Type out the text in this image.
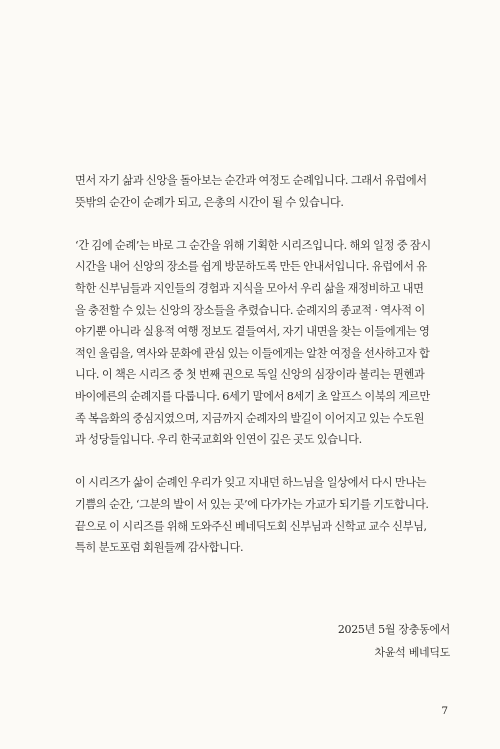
면서 자기 삶과 신앙을 돌아보는 순간과 여정도 순례입니다. 그래서 유럽에서
뜻밖의 순간이 순례가 되고, 은총의 시간이 될 수 있습니다.

‘간 김에 순례’는 바로 그 순간을 위해 기획한 시리즈입니다. 해외 일정 중 잠시
시간을 내어 신앙의 장소를 쉽게 방문하도록 만든 안내서입니다. 유럽에서 유
학한 신부님들과 지인들의 경험과 지식을 모아서 우리 삶을 재정비하고 내면
을 충전할 수 있는 신앙의 장소들을 추렸습니다. 순례지의 종교적 · 역사적 이
야기뿐 아니라 실용적 여행 정보도 곁들여서, 자기 내면을 찾는 이들에게는 영
적인 울림을, 역사와 문화에 관심 있는 이들에게는 알찬 여정을 선사하고자 합
니다. 이 책은 시리즈 중 첫 번째 권으로 독일 신앙의 심장이라 불리는 뮌헨과
바이에른의 순례지를 다룹니다. 6세기 말에서 8세기 초 알프스 이북의 게르만
족 복음화의 중심지였으며, 지금까지 순례자의 발길이 이어지고 있는 수도원
과 성당들입니다. 우리 한국교회와 인연이 깊은 곳도 있습니다.

이 시리즈가 삶이 순례인 우리가 잊고 지내던 하느님을 일상에서 다시 만나는
기쁨의 순간, ‘그분의 발이 서 있는 곳’에 다가가는 가교가 되기를 기도합니다.
끝으로 이 시리즈를 위해 도와주신 베네딕도회 신부님과 신학교 교수 신부님,
특히 분도포럼 회원들께 감사합니다.

2025년 5월 장충동에서
차윤석 베네딕도
7
